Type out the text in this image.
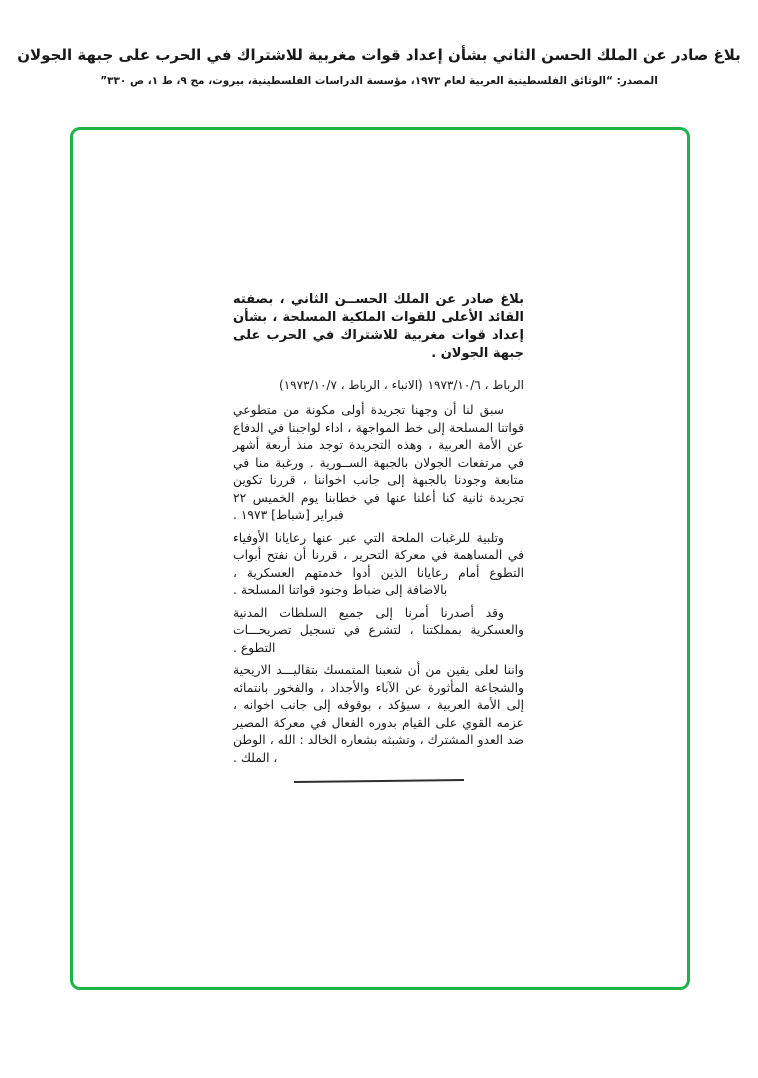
بلاغ صادر عن الملك الحسن الثاني بشأن إعداد قوات مغربية للاشتراك في الحرب على جبهة الجولان
المصدر: “الوثائق الفلسطينية العربية لعام ١٩٧٣، مؤسسة الدراسات الفلسطينية، بيروت، مج ٩، ط ١، ص ٣٣٠”

بلاغ صادر عن الملك الحســن الثاني ، بصفته القائد الأعلى للقوات الملكية المسلحة ، بشأن إعداد قوات مغربية للاشتراك في الحرب على جبهة الجولان .

الرباط ، ١٩٧٣/١٠/٦
(الانباء ، الرباط ، ١٩٧٣/١٠/٧)

سبق لنا أن وجهنا تجريدة أولى مكونة من متطوعي قواتنا المسلحة إلى خط المواجهة ، اداء لواجبنا في الدفاع عن الأمة العربية ، وهذه التجريدة توجد منذ أربعة أشهر في مرتفعات الجولان بالجبهة الســورية . ورغبة منا في متابعة وجودنا بالجبهة إلى جانب اخواننا ، قررنا تكوين تجريدة ثانية كنا أعلنا عنها في خطابنا يوم الخميس ٢٢ فبراير [شباط] ١٩٧٣ .

وتلبية للرغبات الملحة التي عبر عنها رعايانا الأوفياء في المساهمة في معركة التحرير ، قررنا أن نفتح أبواب التطوع أمام رعايانا الذين أدوا خدمتهم العسكرية ، بالاضافة إلى ضباط وجنود قواتنا المسلحة .

وقد أصدرنا أمرنا إلى جميع السلطات المدنية والعسكرية بمملكتنا ، لتشرع في تسجيل تصريحـــات التطوع .

واننا لعلى يقين من أن شعبنا المتمسك بتقاليـــد الاريحية والشجاعة المأثورة عن الآباء والأجداد ، والفخور بانتمائه إلى الأمة العربية ، سيؤكد ، بوقوفه إلى جانب اخوانه ، عزمه القوي على القيام بدوره الفعال في معركة المصير ضد العدو المشترك ، وتشبثه بشعاره الخالد : الله ، الوطن ، الملك .
